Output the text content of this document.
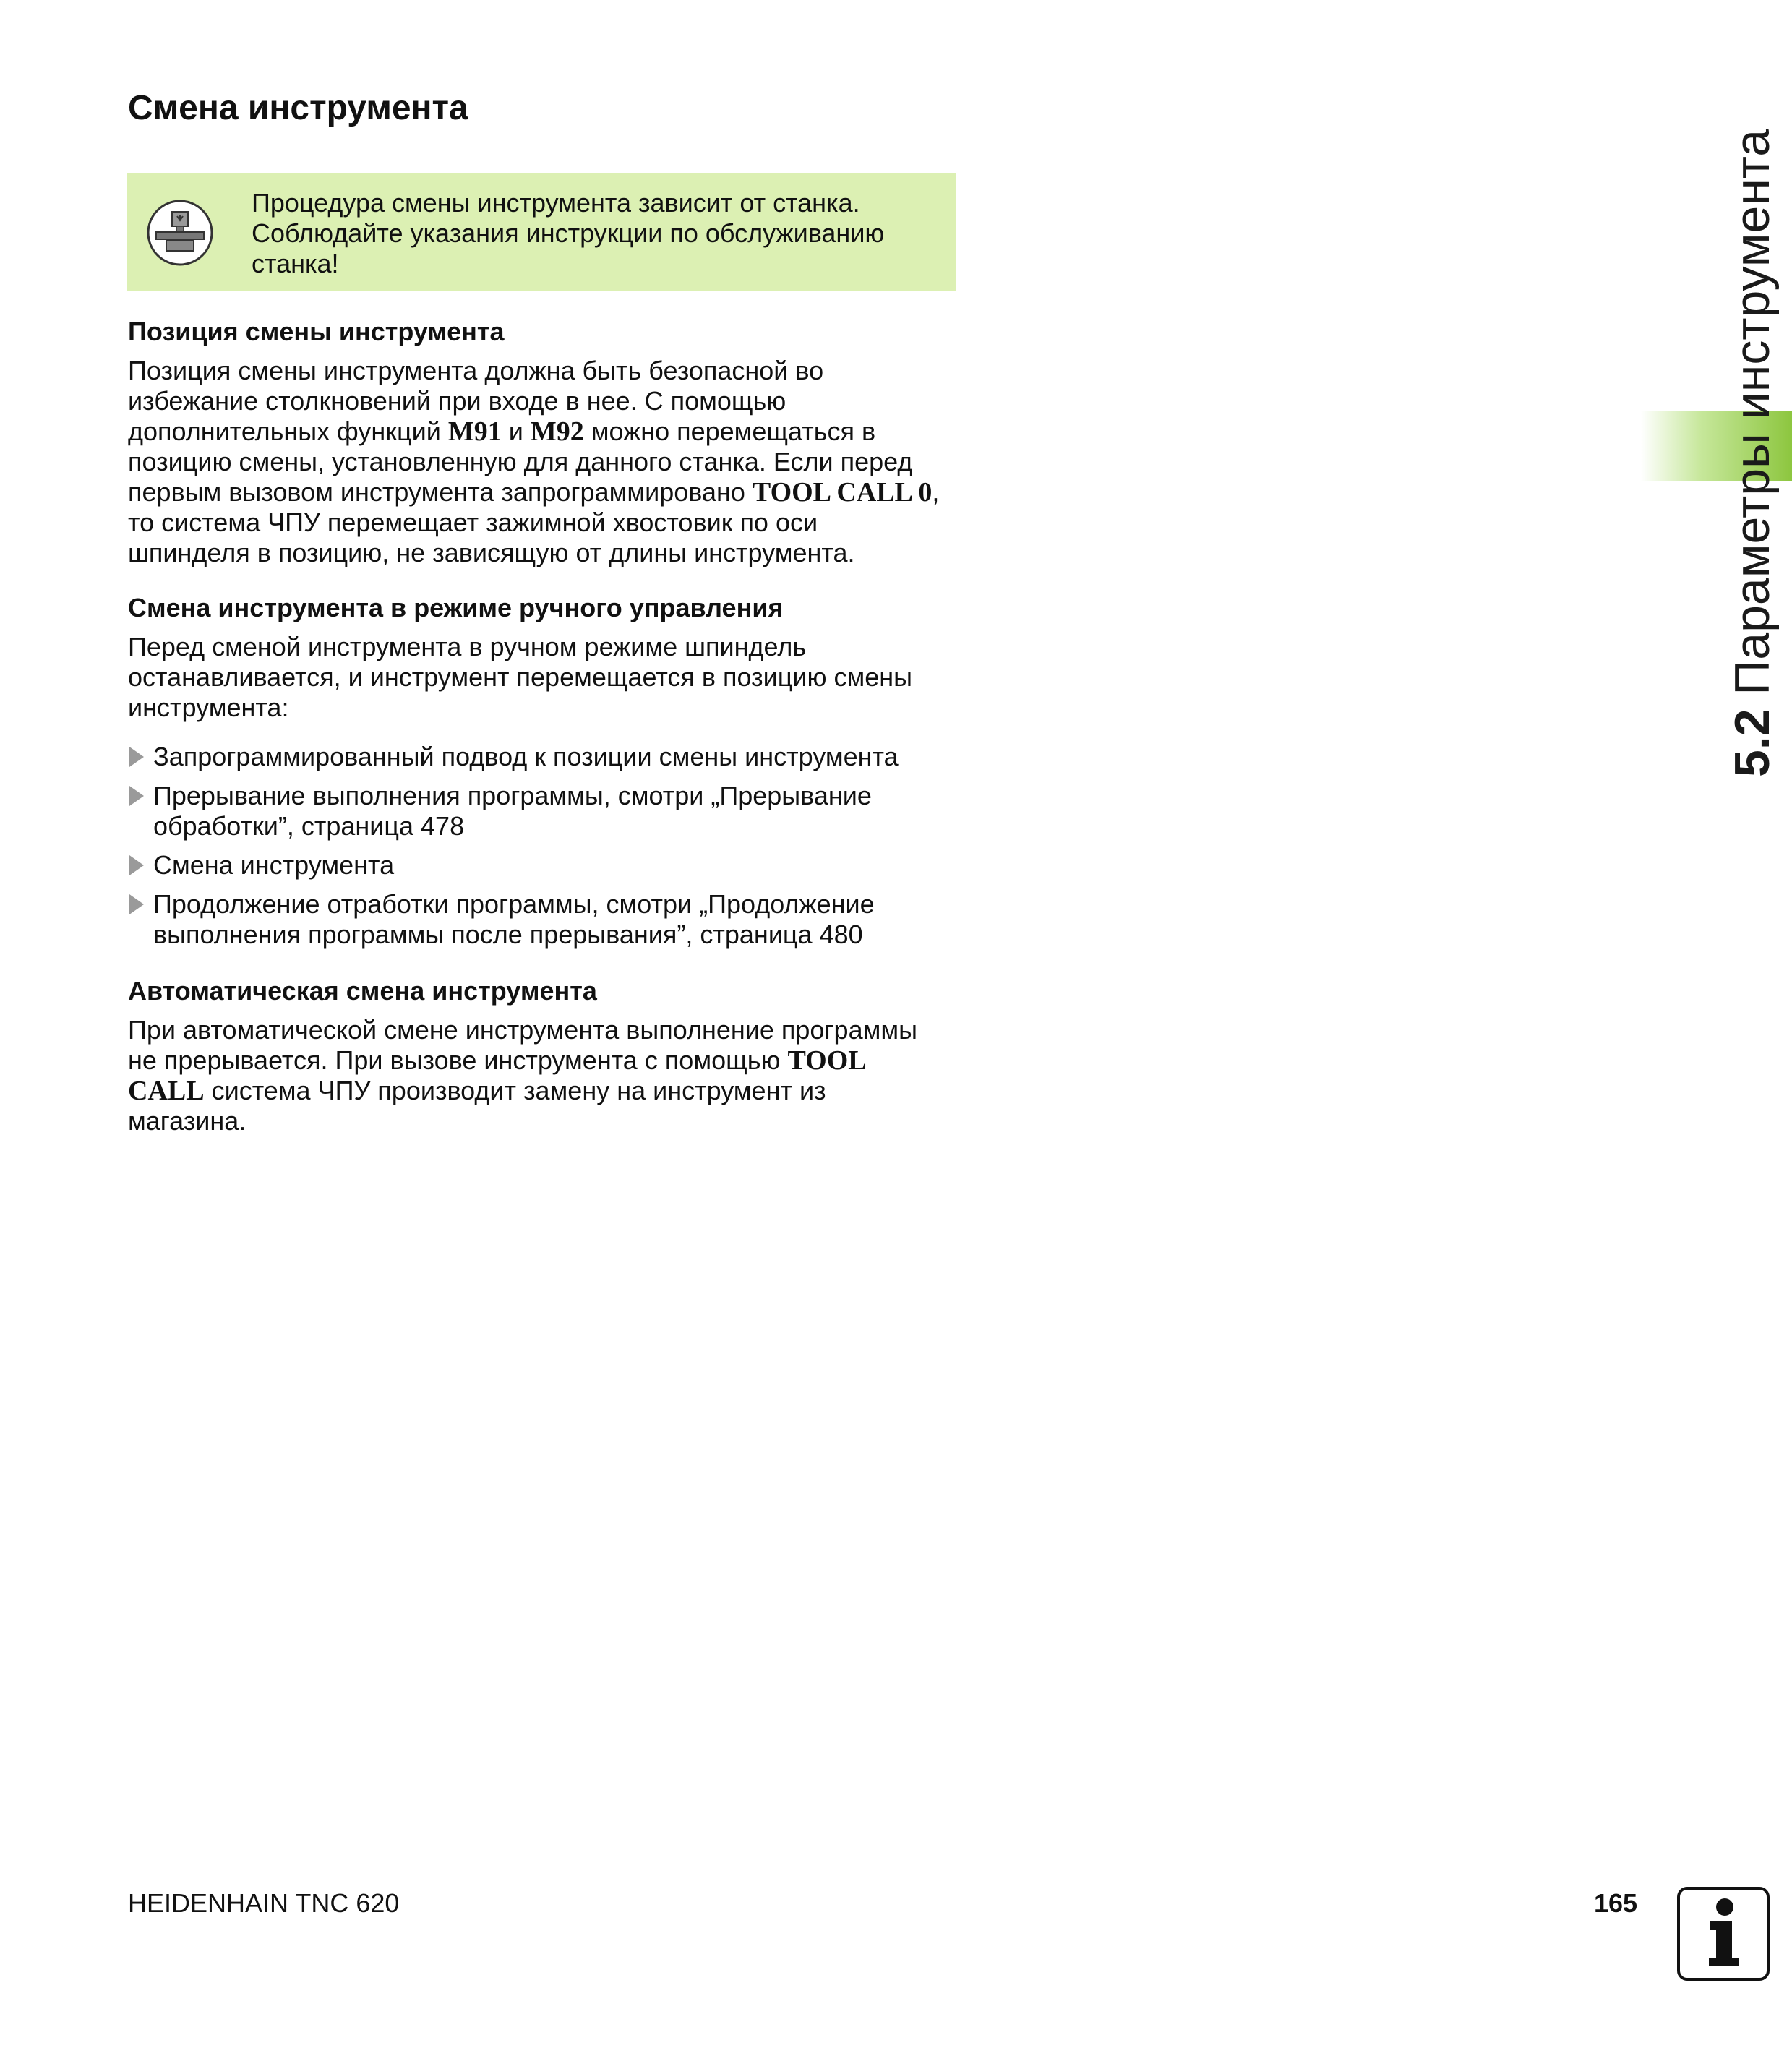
Смена инструмента

Процедура смены инструмента зависит от станка.
Соблюдайте указания инструкции по обслуживанию
станка!

Позиция смены инструмента

Позиция смены инструмента должна быть безопасной во
избежание столкновений при входе в нее. С помощью
дополнительных функций M91 и M92 можно перемещаться в
позицию смены, установленную для данного станка. Если перед
первым вызовом инструмента запрограммировано TOOL CALL 0,
то система ЧПУ перемещает зажимной хвостовик по оси
шпинделя в позицию, не зависящую от длины инструмента.

Смена инструмента в режиме ручного управления

Перед сменой инструмента в ручном режиме шпиндель
останавливается, и инструмент перемещается в позицию смены
инструмента:

Запрограммированный подвод к позиции смены инструмента
Прерывание выполнения программы, смотри „Прерывание
обработки”, страница 478
Смена инструмента
Продолжение отработки программы, смотри „Продолжение
выполнения программы после прерывания”, страница 480
Автоматическая смена инструмента

При автоматической смене инструмента выполнение программы
не прерывается. При вызове инструмента с помощью TOOL
CALL система ЧПУ производит замену на инструмент из
магазина.

5.2 Параметры инструмента

HEIDENHAIN TNC 620	165
